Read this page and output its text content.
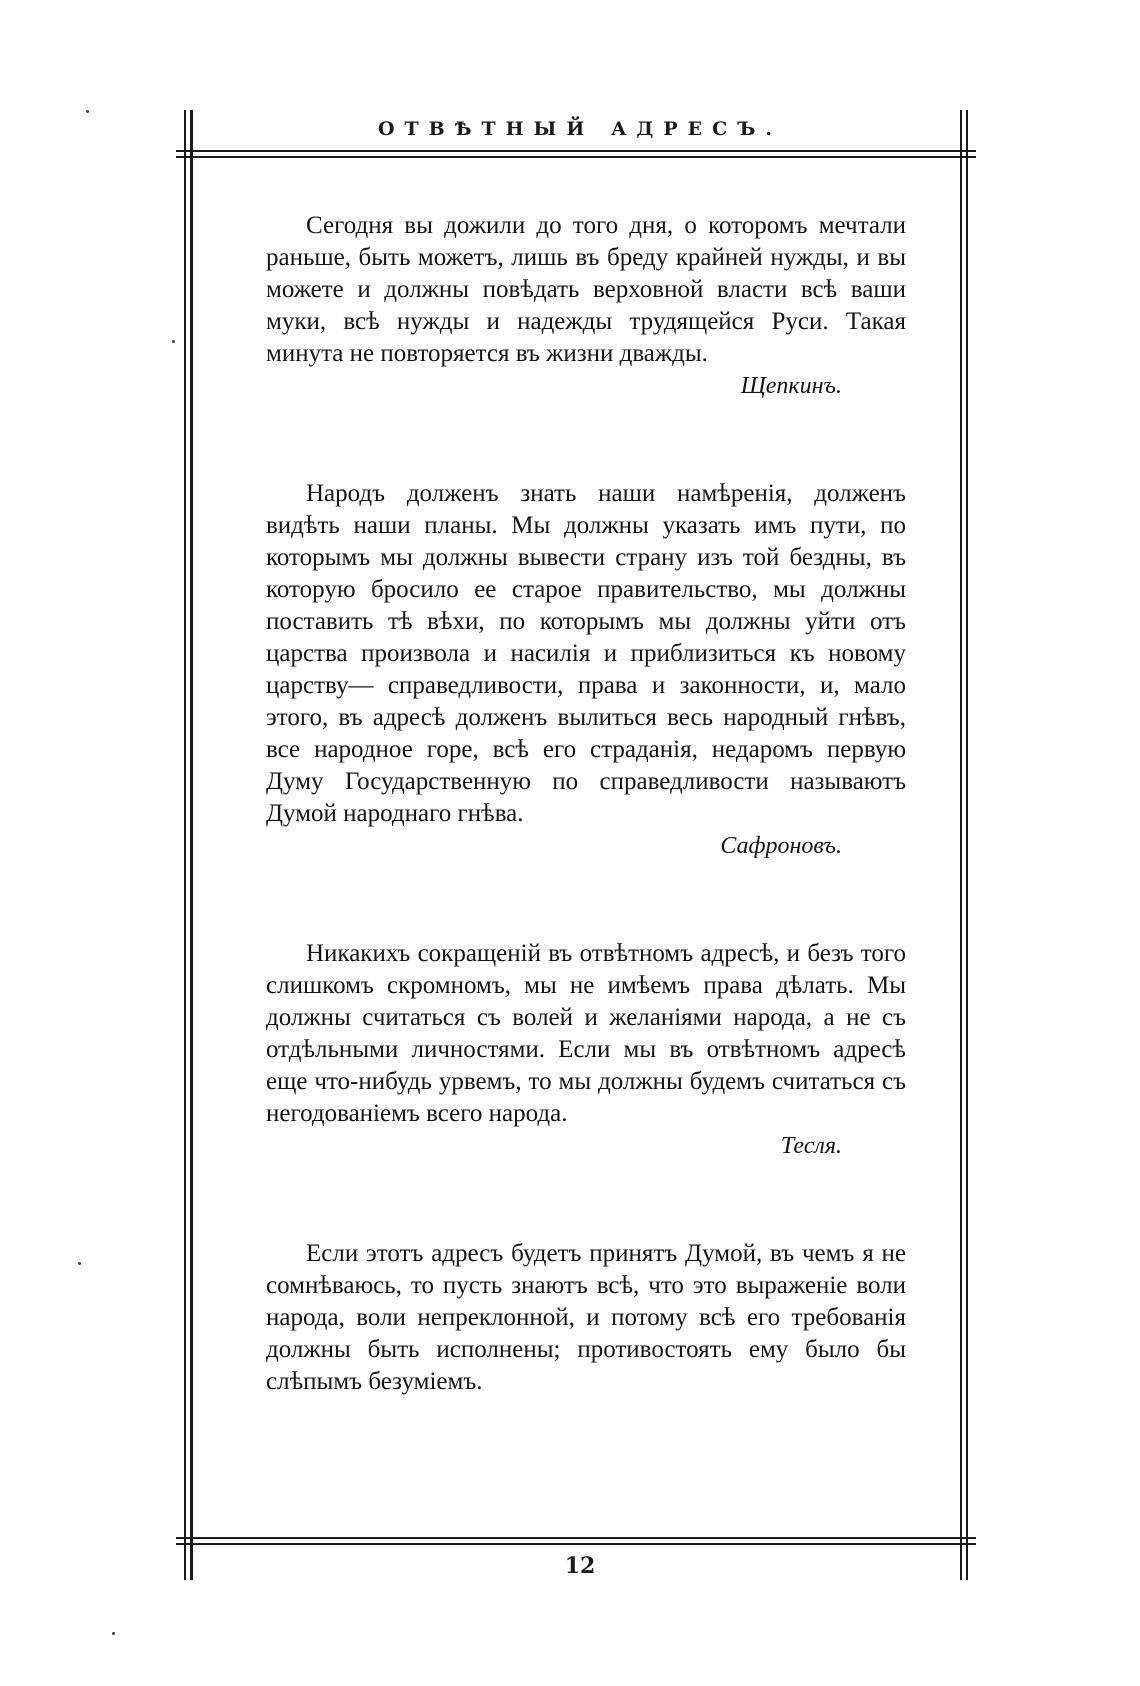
ОТВѢТНЫЙ АДРЕСЪ.

Сегодня вы дожили до того дня, о которомъ мечтали раньше, быть можетъ, лишь въ бреду крайней нужды, и вы можете и должны повѣдать верховной власти всѣ ваши муки, всѣ нужды и надежды трудящейся Руси. Такая минута не повторяется въ жизни дважды.

Щепкинъ.

Народъ долженъ знать наши намѣренія, долженъ видѣть наши планы. Мы должны указать имъ пути, по которымъ мы должны вывести страну изъ той бездны, въ которую бросило ее старое правительство, мы должны поставить тѣ вѣхи, по которымъ мы должны уйти отъ царства произвола и насилія и приблизиться къ новому царству— справедливости, права и законности, и, мало этого, въ адресѣ долженъ вылиться весь народный гнѣвъ, все народное горе, всѣ его страданія, недаромъ первую Думу Государственную по справедливости называютъ Думой народнаго гнѣва.

Сафроновъ.

Никакихъ сокращеній въ отвѣтномъ адресѣ, и безъ того слишкомъ скромномъ, мы не имѣемъ права дѣлать. Мы должны считаться съ волей и желаніями народа, а не съ отдѣльными личностями. Если мы въ отвѣтномъ адресѣ еще что-нибудь урвемъ, то мы должны будемъ считаться съ негодованіемъ всего народа.

Тесля.

Если этотъ адресъ будетъ принятъ Думой, въ чемъ я не сомнѣваюсь, то пусть знаютъ всѣ, что это выраженіе воли народа, воли непреклонной, и потому всѣ его требованія должны быть исполнены; противостоять ему было бы слѣпымъ безуміемъ.

12
